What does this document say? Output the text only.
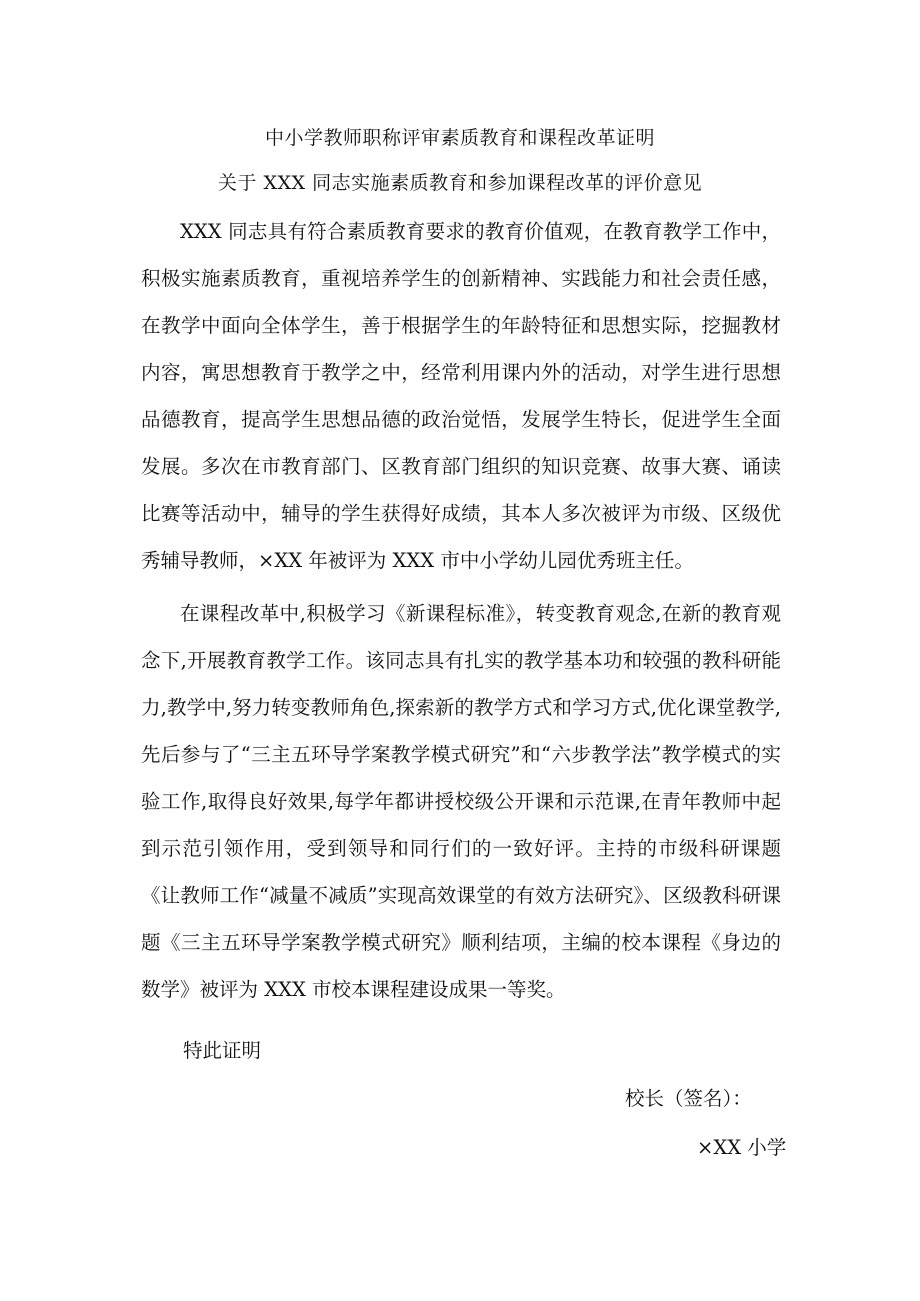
中小学教师职称评审素质教育和课程改革证明
关于 XXX 同志实施素质教育和参加课程改革的评价意见

XXX 同志具有符合素质教育要求的教育价值观，在教育教学工作中，积极实施素质教育，重视培养学生的创新精神、实践能力和社会责任感，在教学中面向全体学生，善于根据学生的年龄特征和思想实际，挖掘教材内容，寓思想教育于教学之中，经常利用课内外的活动，对学生进行思想品德教育，提高学生思想品德的政治觉悟，发展学生特长，促进学生全面发展。多次在市教育部门、区教育部门组织的知识竞赛、故事大赛、诵读比赛等活动中，辅导的学生获得好成绩，其本人多次被评为市级、区级优秀辅导教师，×XX 年被评为 XXX 市中小学幼儿园优秀班主任。

在课程改革中,积极学习《新课程标准》，转变教育观念,在新的教育观念下,开展教育教学工作。该同志具有扎实的教学基本功和较强的教科研能力,教学中,努力转变教师角色,探索新的教学方式和学习方式,优化课堂教学,先后参与了“三主五环导学案教学模式研究”和“六步教学法”教学模式的实验工作,取得良好效果,每学年都讲授校级公开课和示范课,在青年教师中起到示范引领作用，受到领导和同行们的一致好评。主持的市级科研课题《让教师工作“减量不减质”实现高效课堂的有效方法研究》、区级教科研课题《三主五环导学案教学模式研究》顺利结项，主编的校本课程《身边的数学》被评为 XXX 市校本课程建设成果一等奖。

特此证明
校长（签名）：
×XX 小学
